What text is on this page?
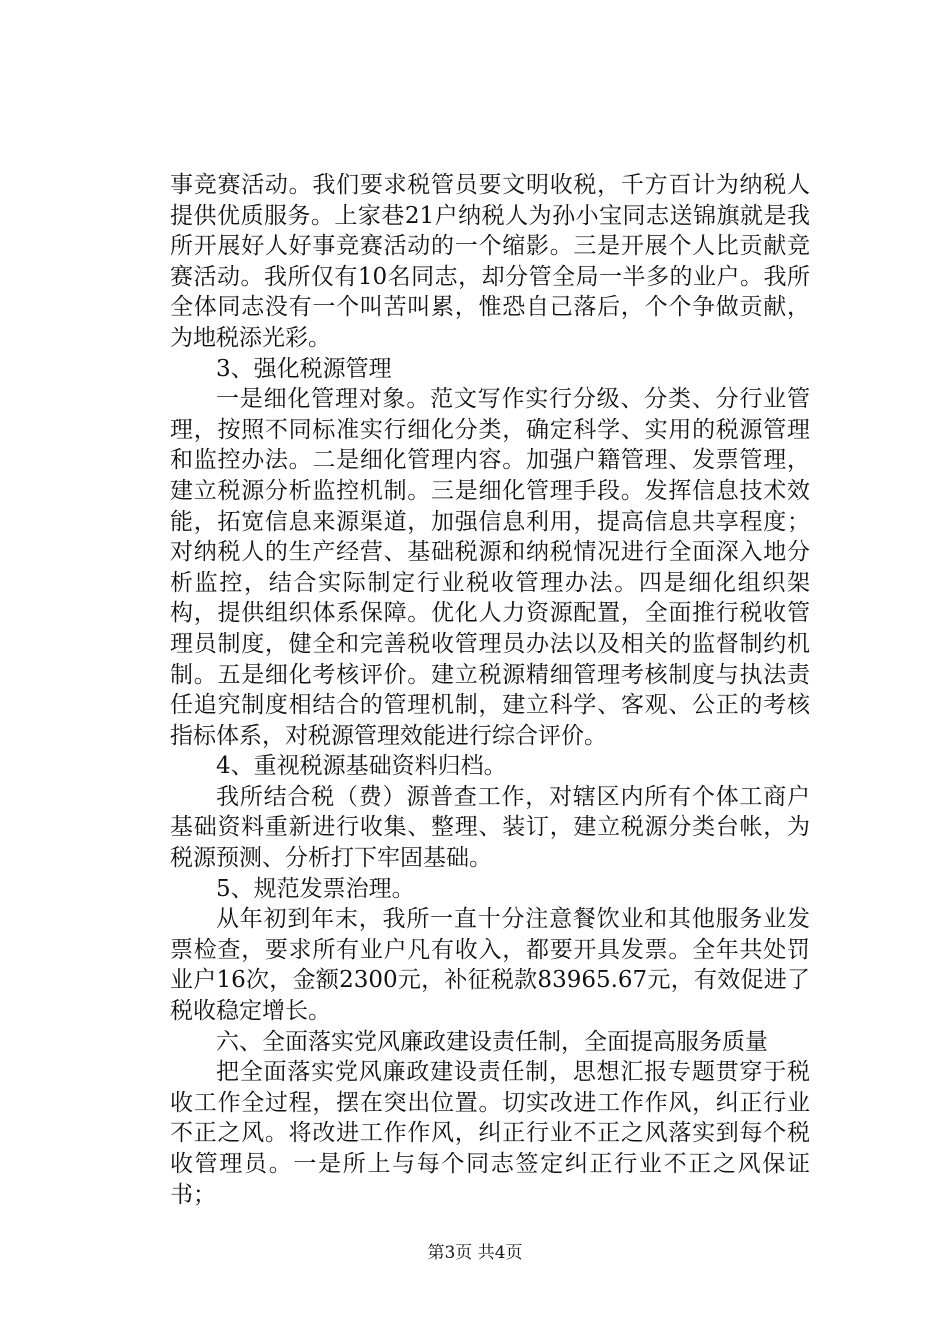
事竞赛活动。我们要求税管员要文明收税，千方百计为纳税人提供优质服务。上家巷21户纳税人为孙小宝同志送锦旗就是我所开展好人好事竞赛活动的一个缩影。三是开展个人比贡献竞赛活动。我所仅有10名同志，却分管全局一半多的业户。我所全体同志没有一个叫苦叫累，惟恐自己落后，个个争做贡献，为地税添光彩。

3、强化税源管理

一是细化管理对象。范文写作实行分级、分类、分行业管理，按照不同标准实行细化分类，确定科学、实用的税源管理和监控办法。二是细化管理内容。加强户籍管理、发票管理，建立税源分析监控机制。三是细化管理手段。发挥信息技术效能，拓宽信息来源渠道，加强信息利用，提高信息共享程度；对纳税人的生产经营、基础税源和纳税情况进行全面深入地分析监控，结合实际制定行业税收管理办法。四是细化组织架构，提供组织体系保障。优化人力资源配置，全面推行税收管理员制度，健全和完善税收管理员办法以及相关的监督制约机制。五是细化考核评价。建立税源精细管理考核制度与执法责任追究制度相结合的管理机制，建立科学、客观、公正的考核指标体系，对税源管理效能进行综合评价。

4、重视税源基础资料归档。

我所结合税（费）源普查工作，对辖区内所有个体工商户基础资料重新进行收集、整理、装订，建立税源分类台帐，为税源预测、分析打下牢固基础。

5、规范发票治理。

从年初到年末，我所一直十分注意餐饮业和其他服务业发票检查，要求所有业户凡有收入，都要开具发票。全年共处罚业户16次，金额2300元，补征税款83965.67元，有效促进了税收稳定增长。

六、全面落实党风廉政建设责任制，全面提高服务质量

把全面落实党风廉政建设责任制，思想汇报专题贯穿于税收工作全过程，摆在突出位置。切实改进工作作风，纠正行业不正之风。将改进工作作风，纠正行业不正之风落实到每个税收管理员。一是所上与每个同志签定纠正行业不正之风保证书；

第3页 共4页
